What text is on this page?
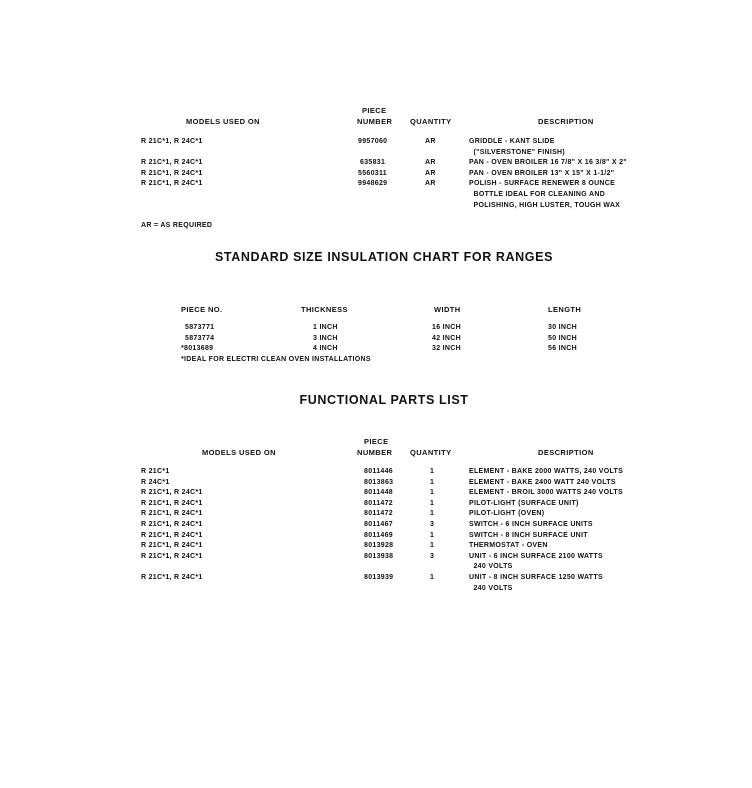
PIECE
MODELS USED ON	NUMBER QUANTITY	DESCRIPTION
R 21C*1, R 24C*1	9957060	AR	GRIDDLE - KANT SLIDE
("SILVERSTONE" FINISH)
R 21C*1, R 24C*1	635831	AR	PAN - OVEN BROILER 16 7/8" X 16 3/8" X 2"
R 21C*1, R 24C*1	5560311	AR	PAN - OVEN BROILER 13" X 15" X 1-1/2"
R 21C*1, R 24C*1	9948629	AR	POLISH - SURFACE RENEWER 8 OUNCE
BOTTLE IDEAL FOR CLEANING AND
POLISHING, HIGH LUSTER, TOUGH WAX
AR = AS REQUIRED
STANDARD SIZE INSULATION CHART FOR RANGES
PIECE NO.	THICKNESS	WIDTH	LENGTH
5873771	1 INCH	16 INCH	30 INCH
5873774	3 INCH	42 INCH	50 INCH
*8013689	4 INCH	32 INCH	56 INCH
*IDEAL FOR ELECTRI CLEAN OVEN INSTALLATIONS
FUNCTIONAL PARTS LIST
PIECE
MODELS USED ON	NUMBER QUANTITY	DESCRIPTION
R 21C*1	8011446	1	ELEMENT - BAKE 2000 WATTS, 240 VOLTS
R 24C*1	8013863	1	ELEMENT - BAKE 2400 WATT 240 VOLTS
R 21C*1, R 24C*1	8011448	1	ELEMENT - BROIL 3000 WATTS 240 VOLTS
R 21C*1, R 24C*1	8011472	1	PILOT-LIGHT (SURFACE UNIT)
R 21C*1, R 24C*1	8011472	1	PILOT-LIGHT (OVEN)
R 21C*1, R 24C*1	8011467	3	SWITCH - 6 INCH SURFACE UNITS
R 21C*1, R 24C*1	8011469	1	SWITCH - 8 INCH SURFACE UNIT
R 21C*1, R 24C*1	8013928	1	THERMOSTAT - OVEN
R 21C*1, R 24C*1	8013938	3	UNIT - 6 INCH SURFACE 2100 WATTS
240 VOLTS
R 21C*1, R 24C*1	8013939	1	UNIT - 8 INCH SURFACE 1250 WATTS
240 VOLTS
